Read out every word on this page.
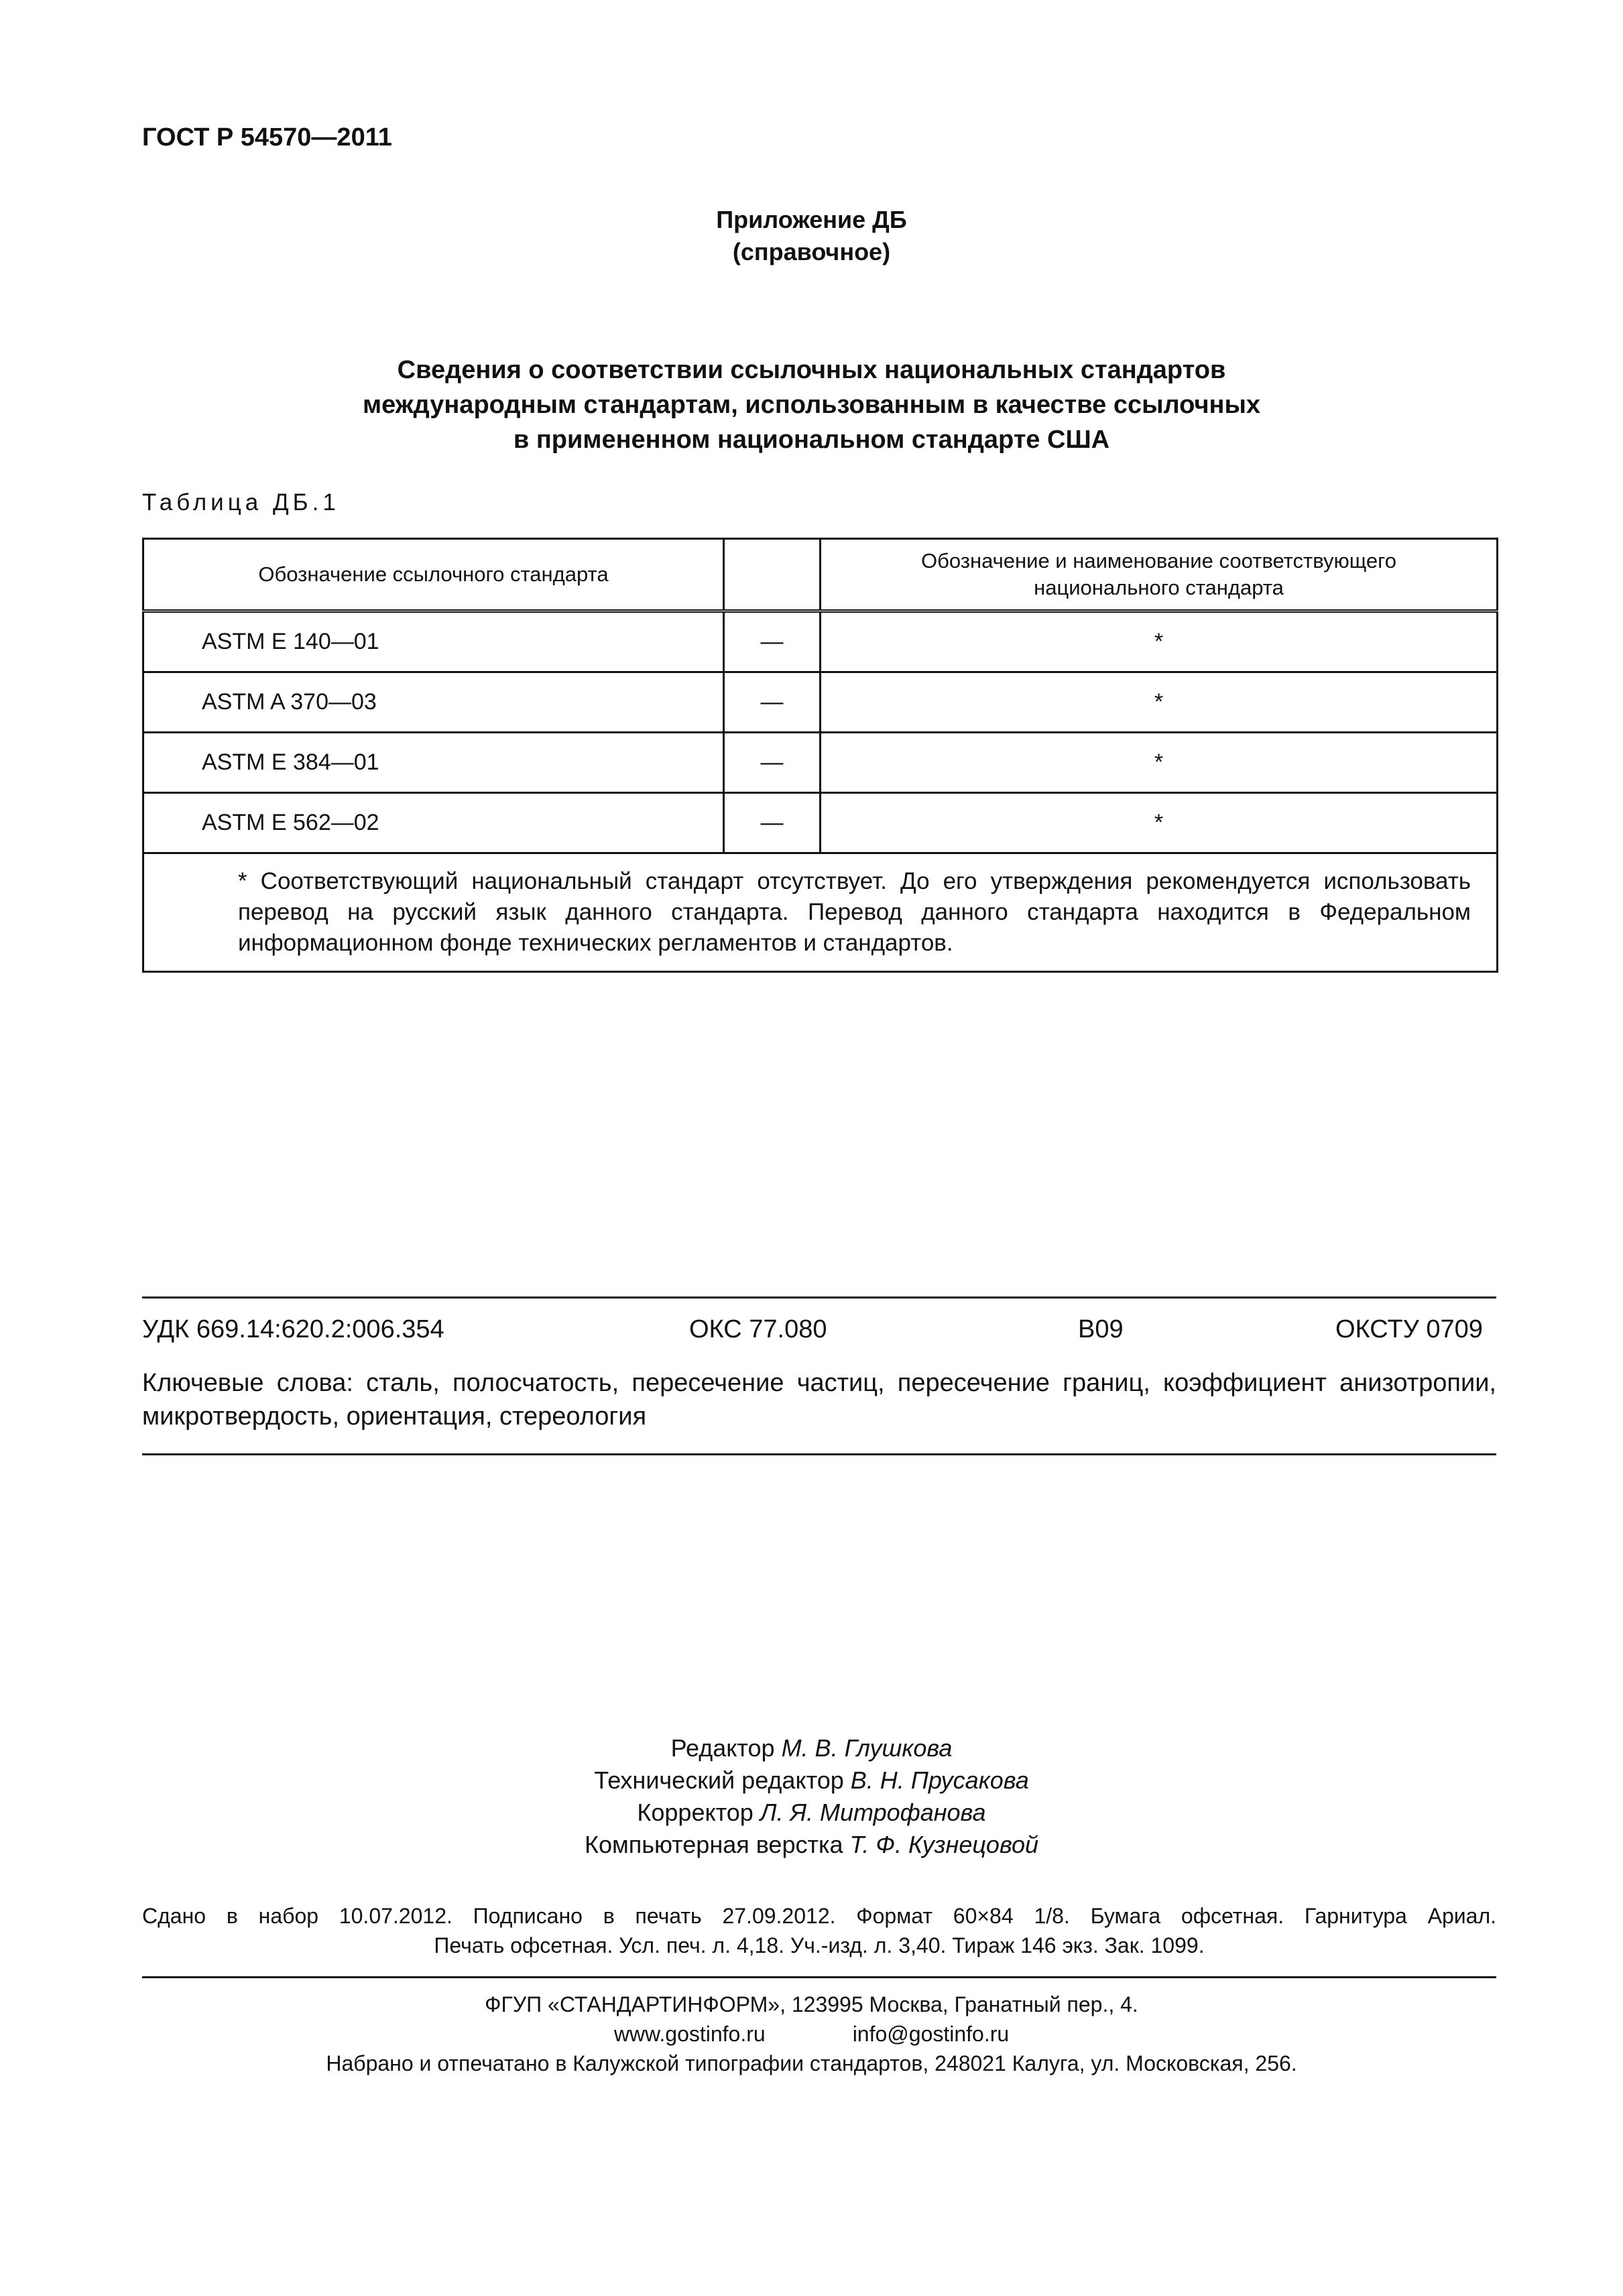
ГОСТ Р 54570—2011
Приложение ДБ
(справочное)
Сведения о соответствии ссылочных национальных стандартов
международным стандартам, использованным в качестве ссылочных
в примененном национальном стандарте США
Таблица ДБ.1
Обозначение ссылочного стандарта		Обозначение и наименование соответствующего национального стандарта
ASTM E 140—01	—	*
ASTM A 370—03	—	*
ASTM E 384—01	—	*
ASTM E 562—02	—	*

* Соответствующий национальный стандарт отсутствует. До его утверждения рекомендуется использовать перевод на русский язык данного стандарта. Перевод данного стандарта находится в Федеральном информационном фонде технических регламентов и стандартов.		
УДК 669.14:620.2:006.354	ОКС 77.080	В09	ОКСТУ 0709
Ключевые слова: сталь, полосчатость, пересечение частиц, пересечение границ, коэффициент анизотропии, микротвердость, ориентация, стереология
Редактор М. В. Глушкова
Технический редактор В. Н. Прусакова
Корректор Л. Я. Митрофанова
Компьютерная верстка Т. Ф. Кузнецовой
Сдано в набор 10.07.2012. Подписано в печать 27.09.2012. Формат 60×84 1/8. Бумага офсетная. Гарнитура Ариал.
Печать офсетная. Усл. печ. л. 4,18. Уч.-изд. л. 3,40. Тираж 146 экз. Зак. 1099.
ФГУП «СТАНДАРТИНФОРМ», 123995 Москва, Гранатный пер., 4.
www.gostinfo.ru	info@gostinfo.ru
Набрано и отпечатано в Калужской типографии стандартов, 248021 Калуга, ул. Московская, 256.
